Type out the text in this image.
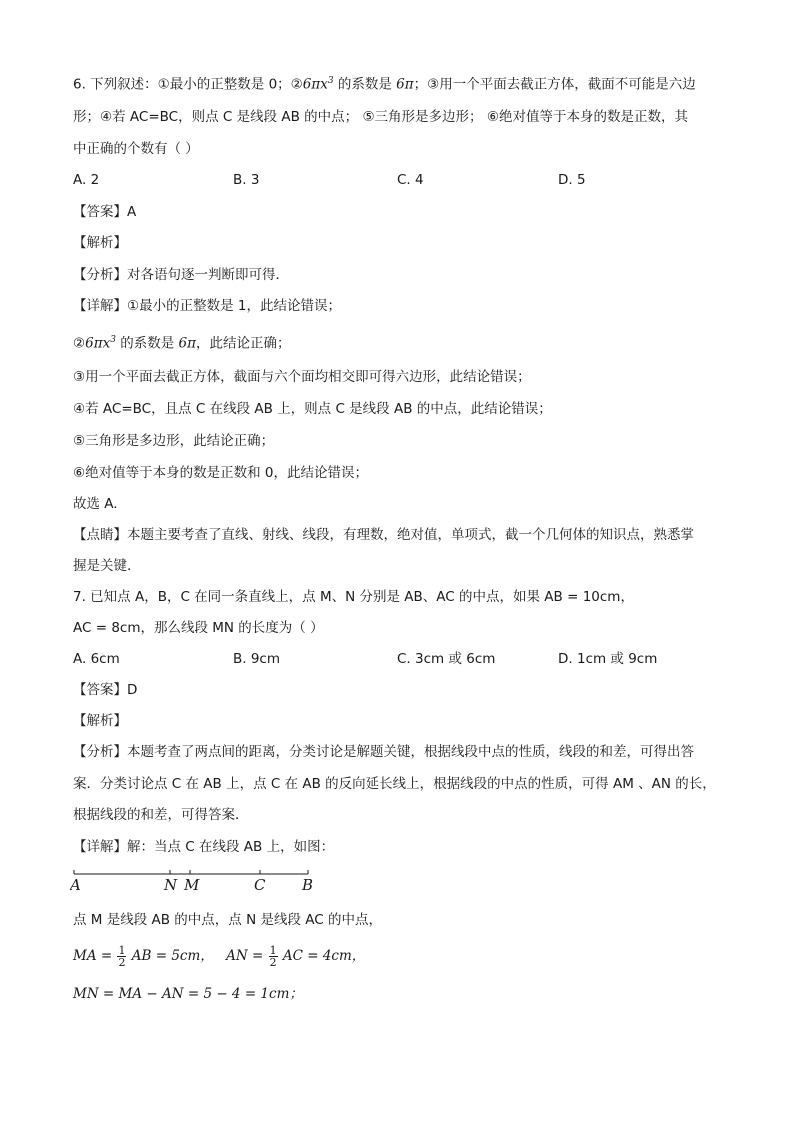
6. 下列叙述：①最小的正整数是 0；$②6\pi x^3$ 的系数是 6π；③用一个平面去截正方体，截面不可能是六边
形；④若 AC=BC，则点 C 是线段 AB 的中点； ⑤三角形是多边形； ⑥绝对值等于本身的数是正数，其
中正确的个数有（ ）
A. 2	B. 3	C. 4	D. 5
【答案】A
【解析】
【分析】对各语句逐一判断即可得．
【详解】①最小的正整数是 1，此结论错误；
$②6\pi x^3$ 的系数是 6π，此结论正确；
③用一个平面去截正方体，截面与六个面均相交即可得六边形，此结论错误；
④若 AC=BC，且点 C 在线段 AB 上，则点 C 是线段 AB 的中点，此结论错误；
⑤三角形是多边形，此结论正确；
⑥绝对值等于本身的数是正数和 0，此结论错误；
故选 A.
【点睛】本题主要考查了直线、射线、线段，有理数，绝对值，单项式，截一个几何体的知识点，熟悉掌
握是关键.
7. 已知点 A，B，C 在同一条直线上，点 M、N 分别是 AB、AC 的中点，如果 AB = 10cm，
AC = 8cm，那么线段 MN 的长度为（ ）
A. 6cm	B. 9cm	C. 3cm 或 6cm	D. 1cm 或 9cm
【答案】D
【解析】
【分析】本题考查了两点间的距离，分类讨论是解题关键，根据线段中点的性质，线段的和差，可得出答
案．分类讨论点 C 在 AB 上，点 C 在 AB 的反向延长线上，根据线段的中点的性质，可得 AM 、AN 的长，
根据线段的和差，可得答案．
【详解】解：当点 C 在线段 AB 上，如图：
A	N M	C B
点 M 是线段 AB 的中点，点 N 是线段 AC 的中点，
MA = $\frac{1}{2}$ AB = 5cm， AN = $\frac{1}{2}$ AC = 4cm，
MN = MA − AN = 5 − 4 = 1cm；
